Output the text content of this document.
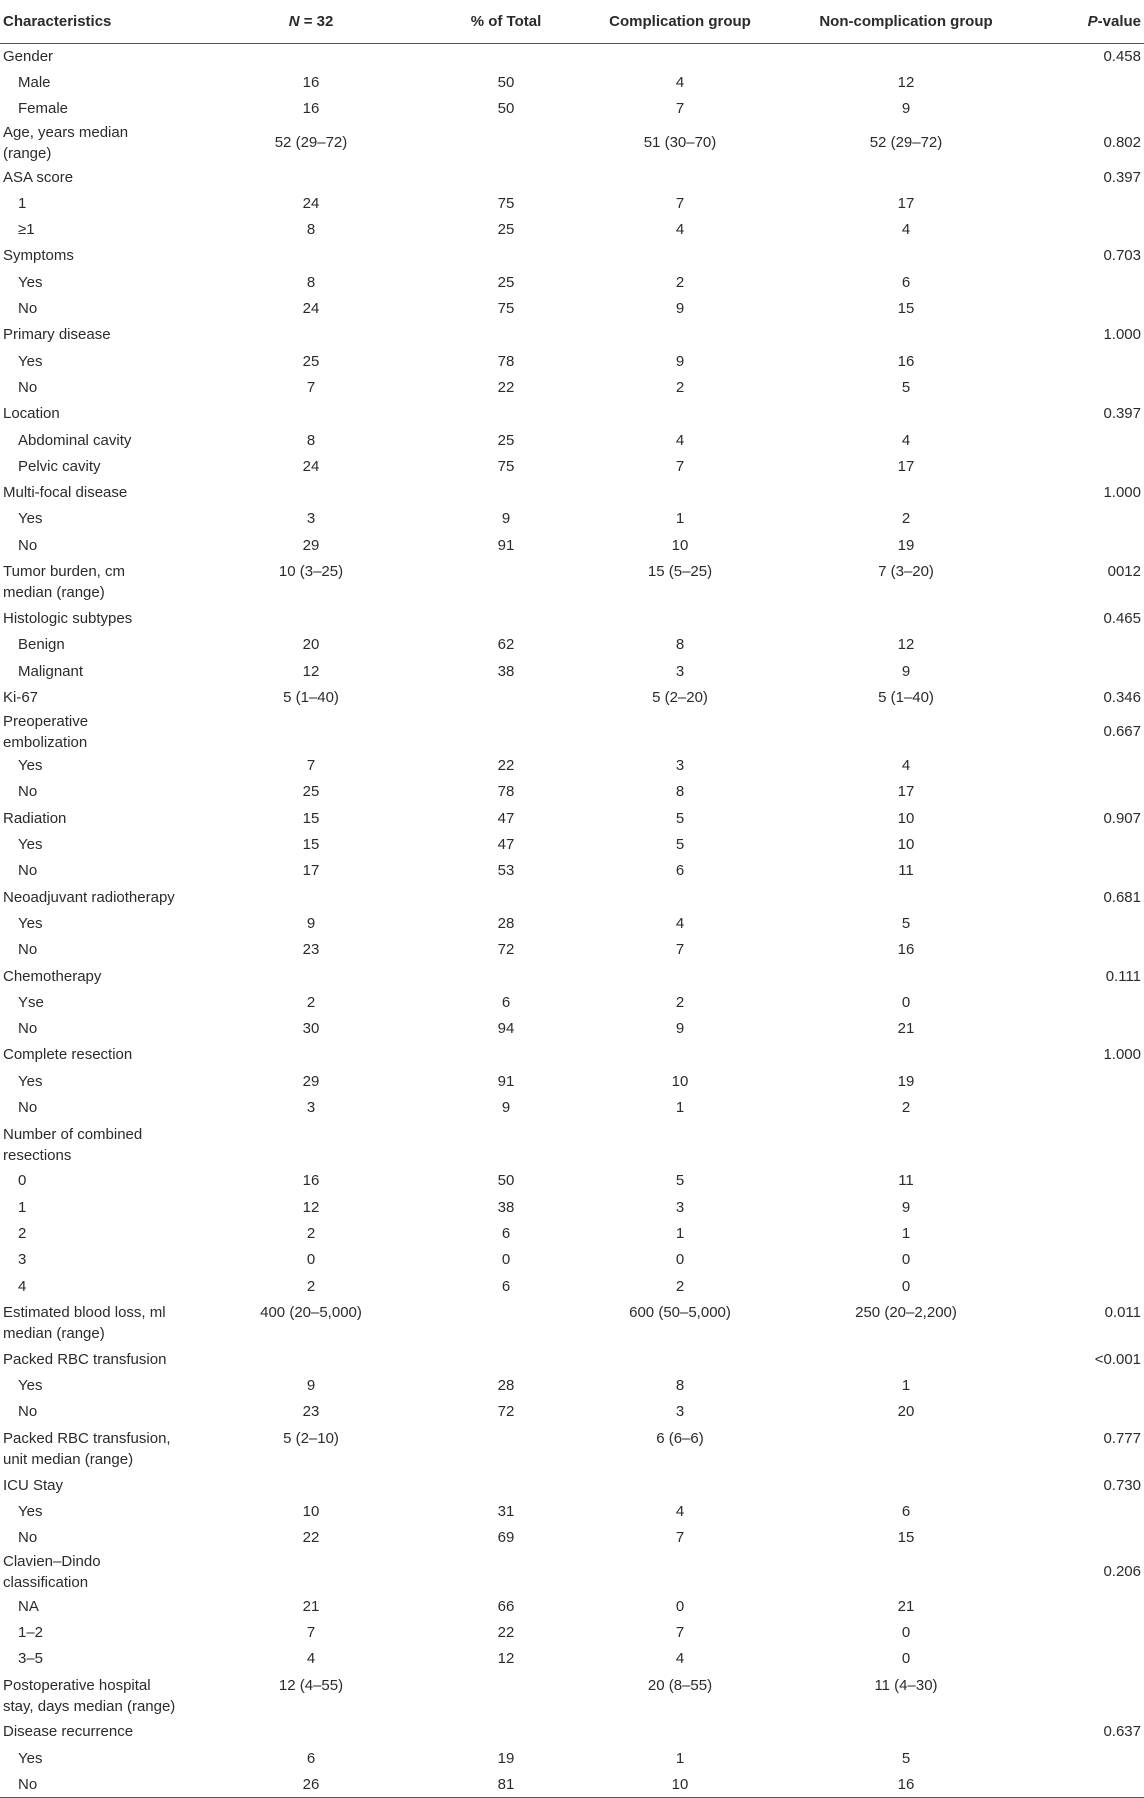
Characteristics	N = 32	% of Total	Complication group	Non-complication group	P-value
Gender					0.458
Male	16	50	4	12	
Female	16	50	7	9	
Age, years median (range)	52 (29–72)		51 (30–70)	52 (29–72)	0.802
ASA score					0.397
1	24	75	7	17	
≥1	8	25	4	4	
Symptoms					0.703
Yes	8	25	2	6	
No	24	75	9	15	
Primary disease					1.000
Yes	25	78	9	16	
No	7	22	2	5	
Location					0.397
Abdominal cavity	8	25	4	4	
Pelvic cavity	24	75	7	17	
Multi-focal disease					1.000
Yes	3	9	1	2	
No	29	91	10	19	
Tumor burden, cm median (range)	10 (3–25)		15 (5–25)	7 (3–20)	0012
Histologic subtypes					0.465
Benign	20	62	8	12	
Malignant	12	38	3	9	
Ki-67	5 (1–40)		5 (2–20)	5 (1–40)	0.346
Preoperative embolization					0.667
Yes	7	22	3	4	
No	25	78	8	17	
Radiation	15	47	5	10	0.907
Yes	15	47	5	10	
No	17	53	6	11	
Neoadjuvant radiotherapy					0.681
Yes	9	28	4	5	
No	23	72	7	16	
Chemotherapy					0.111
Yse	2	6	2	0	
No	30	94	9	21	
Complete resection					1.000
Yes	29	91	10	19	
No	3	9	1	2	
Number of combined resections					
0	16	50	5	11	
1	12	38	3	9	
2	2	6	1	1	
3	0	0	0	0	
4	2	6	2	0	
Estimated blood loss, ml median (range)	400 (20–5,000)		600 (50–5,000)	250 (20–2,200)	0.011
Packed RBC transfusion					<0.001
Yes	9	28	8	1	
No	23	72	3	20	
Packed RBC transfusion, unit median (range)	5 (2–10)		6 (6–6)		0.777
ICU Stay					0.730
Yes	10	31	4	6	
No	22	69	7	15	
Clavien–Dindo classification					0.206
NA	21	66	0	21	
1–2	7	22	7	0	
3–5	4	12	4	0	
Postoperative hospital stay, days median (range)	12 (4–55)		20 (8–55)	11 (4–30)	
Disease recurrence					0.637
Yes	6	19	1	5	
No	26	81	10	16	
